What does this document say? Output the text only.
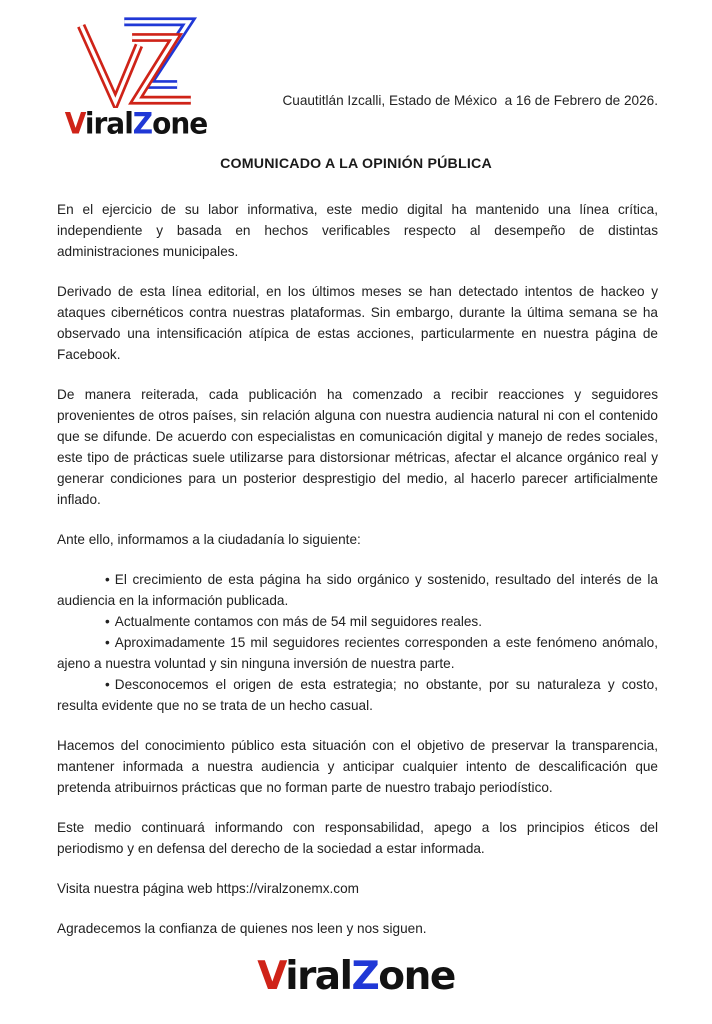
ViralZone
Cuautitlán Izcalli, Estado de México  a 16 de Febrero de 2026.
COMUNICADO A LA OPINIÓN PÚBLICA

En el ejercicio de su labor informativa, este medio digital ha mantenido una línea crítica, independiente y basada en hechos verificables respecto al desempeño de distintas administraciones municipales.

Derivado de esta línea editorial, en los últimos meses se han detectado intentos de hackeo y ataques cibernéticos contra nuestras plataformas. Sin embargo, durante la última semana se ha observado una intensificación atípica de estas acciones, particularmente en nuestra página de Facebook.

De manera reiterada, cada publicación ha comenzado a recibir reacciones y seguidores provenientes de otros países, sin relación alguna con nuestra audiencia natural ni con el contenido que se difunde. De acuerdo con especialistas en comunicación digital y manejo de redes sociales, este tipo de prácticas suele utilizarse para distorsionar métricas, afectar el alcance orgánico real y generar condiciones para un posterior desprestigio del medio, al hacerlo parecer artificialmente inflado.

Ante ello, informamos a la ciudadanía lo siguiente:

• El crecimiento de esta página ha sido orgánico y sostenido, resultado del interés de la audiencia en la información publicada.

• Actualmente contamos con más de 54 mil seguidores reales.

• Aproximadamente 15 mil seguidores recientes corresponden a este fenómeno anómalo, ajeno a nuestra voluntad y sin ninguna inversión de nuestra parte.

• Desconocemos el origen de esta estrategia; no obstante, por su naturaleza y costo, resulta evidente que no se trata de un hecho casual.

Hacemos del conocimiento público esta situación con el objetivo de preservar la transparencia, mantener informada a nuestra audiencia y anticipar cualquier intento de descalificación que pretenda atribuirnos prácticas que no forman parte de nuestro trabajo periodístico.

Este medio continuará informando con responsabilidad, apego a los principios éticos del periodismo y en defensa del derecho de la sociedad a estar informada.

Visita nuestra página web https://viralzonemx.com

Agradecemos la confianza de quienes nos leen y nos siguen.

ViralZone
